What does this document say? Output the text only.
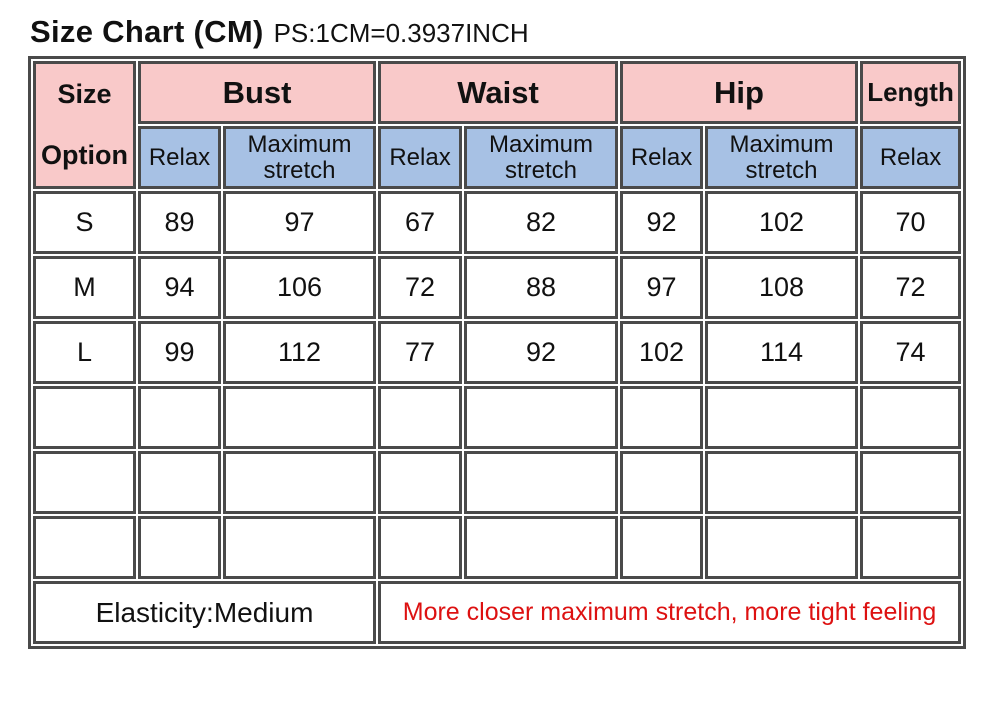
Size Chart (CM) PS:1CM=0.3937INCH
Size
Option	Bust		Waist		Hip		Length
	Relax	Maximum stretch	Relax	Maximum stretch	Relax	Maximum stretch	Relax
S	89	97	67	82	92	102	70
M	94	106	72	88	97	108	72
L	99	112	77	92	102	114	74

Elasticity:Medium			More closer maximum stretch, more tight feeling				
